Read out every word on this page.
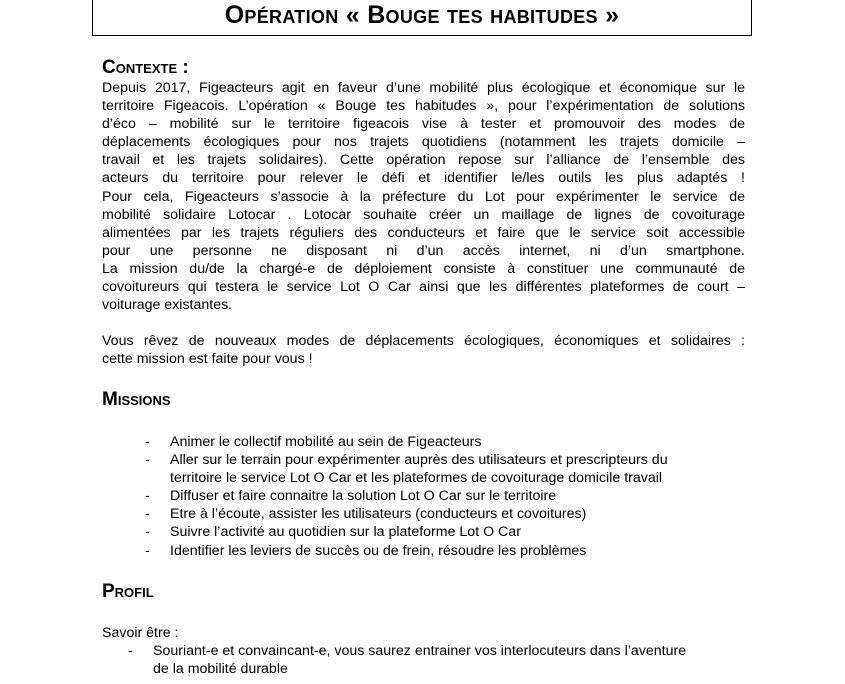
Opération « Bouge tes habitudes »
Contexte :
Depuis 2017, Figeacteurs agit en faveur d’une mobilité plus écologique et économique sur le
territoire Figeacois. L’opération « Bouge tes habitudes », pour l’expérimentation de solutions
d’éco – mobilité sur le territoire figeacois vise à tester et promouvoir des modes de
déplacements écologiques pour nos trajets quotidiens (notamment les trajets domicile –
travail et les trajets solidaires). Cette opération repose sur l’alliance de l’ensemble des
acteurs du territoire pour relever le défi et identifier le/les outils les plus adaptés !
Pour cela, Figeacteurs s’associe à la préfecture du Lot pour expérimenter le service de
mobilité solidaire Lotocar . Lotocar souhaite créer un maillage de lignes de covoiturage
alimentées par les trajets réguliers des conducteurs et faire que le service soit accessible
pour une personne ne disposant ni d’un accès internet, ni d’un smartphone.
La mission du/de la chargé-e de déploiement consiste à constituer une communauté de
covoitureurs qui testera le service Lot O Car ainsi que les différentes plateformes de court –
voiturage existantes.
Vous rêvez de nouveaux modes de déplacements écologiques, économiques et solidaires :
cette mission est faite pour vous !
Missions
- Animer le collectif mobilité au sein de Figeacteurs
- Aller sur le terrain pour expérimenter auprès des utilisateurs et prescripteurs du
territoire le service Lot O Car et les plateformes de covoiturage domicile travail
- Diffuser et faire connaitre la solution Lot O Car sur le territoire
- Etre à l’écoute, assister les utilisateurs (conducteurs et covoitures)
- Suivre l’activité au quotidien sur la plateforme Lot O Car
- Identifier les leviers de succès ou de frein, résoudre les problèmes
Profil
Savoir être :
- Souriant-e et convaincant-e, vous saurez entrainer vos interlocuteurs dans l’aventure
de la mobilité durable
